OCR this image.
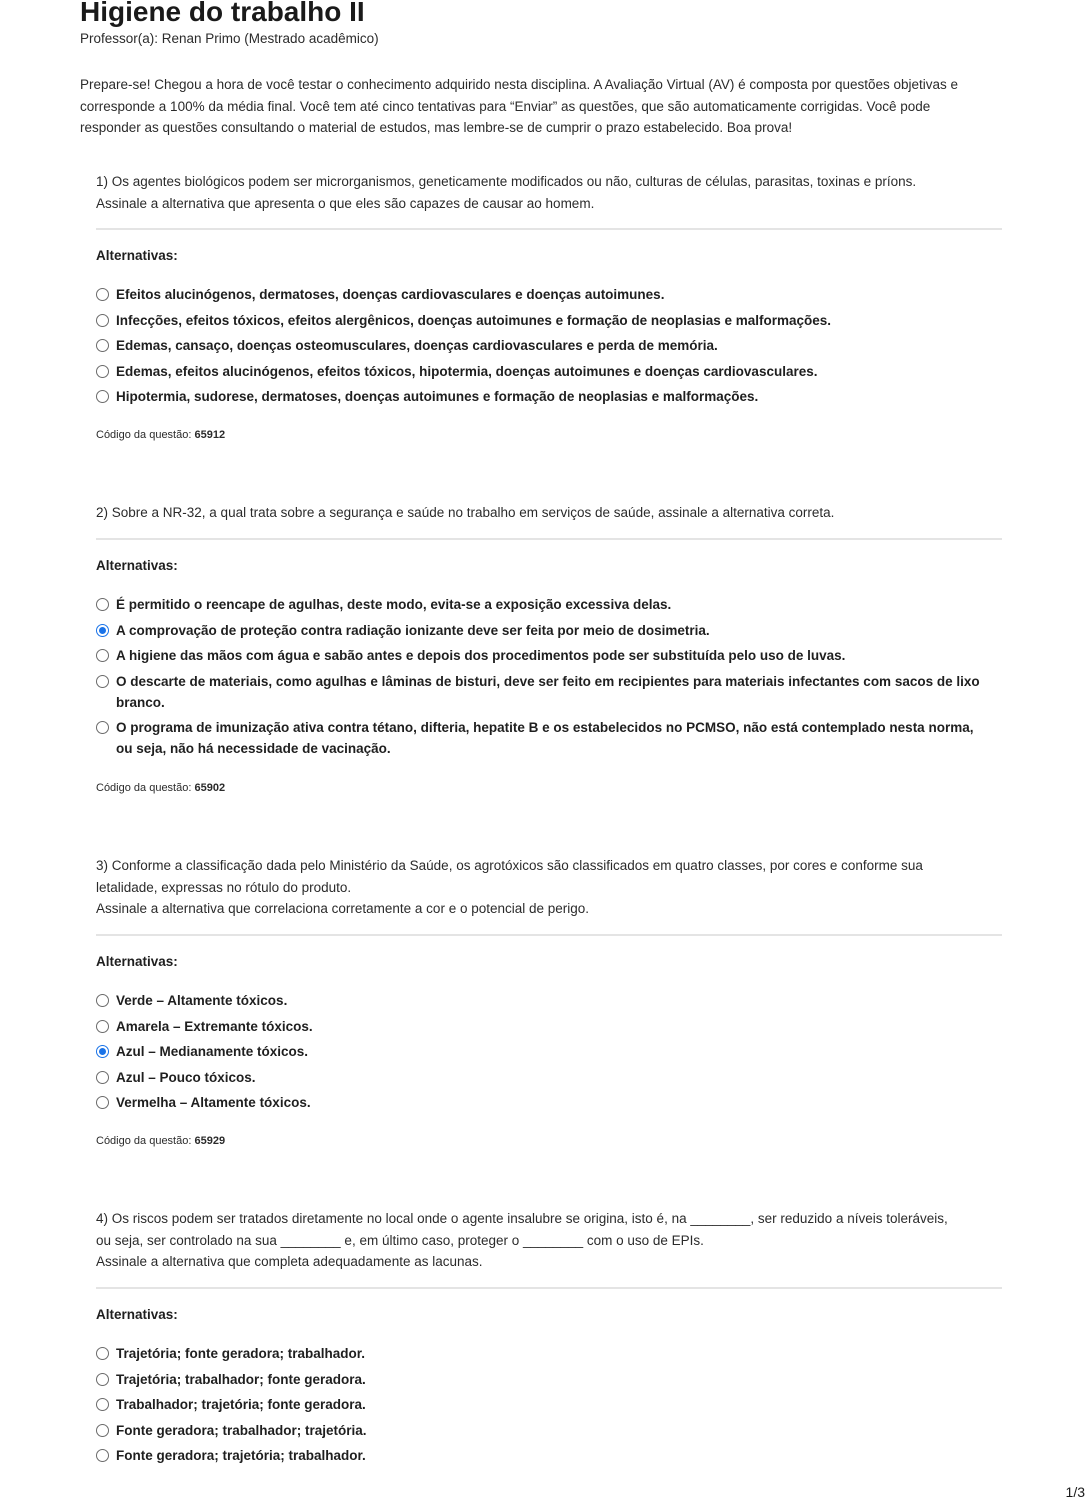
Higiene do trabalho II
Professor(a): Renan Primo (Mestrado acadêmico)
Prepare-se! Chegou a hora de você testar o conhecimento adquirido nesta disciplina. A Avaliação Virtual (AV) é composta por questões objetivas e
corresponde a 100% da média final. Você tem até cinco tentativas para “Enviar” as questões, que são automaticamente corrigidas. Você pode
responder as questões consultando o material de estudos, mas lembre-se de cumprir o prazo estabelecido. Boa prova!
1) Os agentes biológicos podem ser microrganismos, geneticamente modificados ou não, culturas de células, parasitas, toxinas e príons.
Assinale a alternativa que apresenta o que eles são capazes de causar ao homem.
Alternativas:
Efeitos alucinógenos, dermatoses, doenças cardiovasculares e doenças autoimunes.
Infecções, efeitos tóxicos, efeitos alergênicos, doenças autoimunes e formação de neoplasias e malformações.
Edemas, cansaço, doenças osteomusculares, doenças cardiovasculares e perda de memória.
Edemas, efeitos alucinógenos, efeitos tóxicos, hipotermia, doenças autoimunes e doenças cardiovasculares.
Hipotermia, sudorese, dermatoses, doenças autoimunes e formação de neoplasias e malformações.
Código da questão: 65912
2) Sobre a NR-32, a qual trata sobre a segurança e saúde no trabalho em serviços de saúde, assinale a alternativa correta.
Alternativas:
É permitido o reencape de agulhas, deste modo, evita-se a exposição excessiva delas.
A comprovação de proteção contra radiação ionizante deve ser feita por meio de dosimetria.
A higiene das mãos com água e sabão antes e depois dos procedimentos pode ser substituída pelo uso de luvas.
O descarte de materiais, como agulhas e lâminas de bisturi, deve ser feito em recipientes para materiais infectantes com sacos de lixo
branco.
O programa de imunização ativa contra tétano, difteria, hepatite B e os estabelecidos no PCMSO, não está contemplado nesta norma,
ou seja, não há necessidade de vacinação.
Código da questão: 65902
3) Conforme a classificação dada pelo Ministério da Saúde, os agrotóxicos são classificados em quatro classes, por cores e conforme sua
letalidade, expressas no rótulo do produto.
Assinale a alternativa que correlaciona corretamente a cor e o potencial de perigo.
Alternativas:
Verde – Altamente tóxicos.
Amarela – Extremante tóxicos.
Azul – Medianamente tóxicos.
Azul – Pouco tóxicos.
Vermelha – Altamente tóxicos.
Código da questão: 65929
4) Os riscos podem ser tratados diretamente no local onde o agente insalubre se origina, isto é, na ________, ser reduzido a níveis toleráveis,
ou seja, ser controlado na sua ________ e, em último caso, proteger o ________ com o uso de EPIs.
Assinale a alternativa que completa adequadamente as lacunas.
Alternativas:
Trajetória; fonte geradora; trabalhador.
Trajetória; trabalhador; fonte geradora.
Trabalhador; trajetória; fonte geradora.
Fonte geradora; trabalhador; trajetória.
Fonte geradora; trajetória; trabalhador.
1/3
